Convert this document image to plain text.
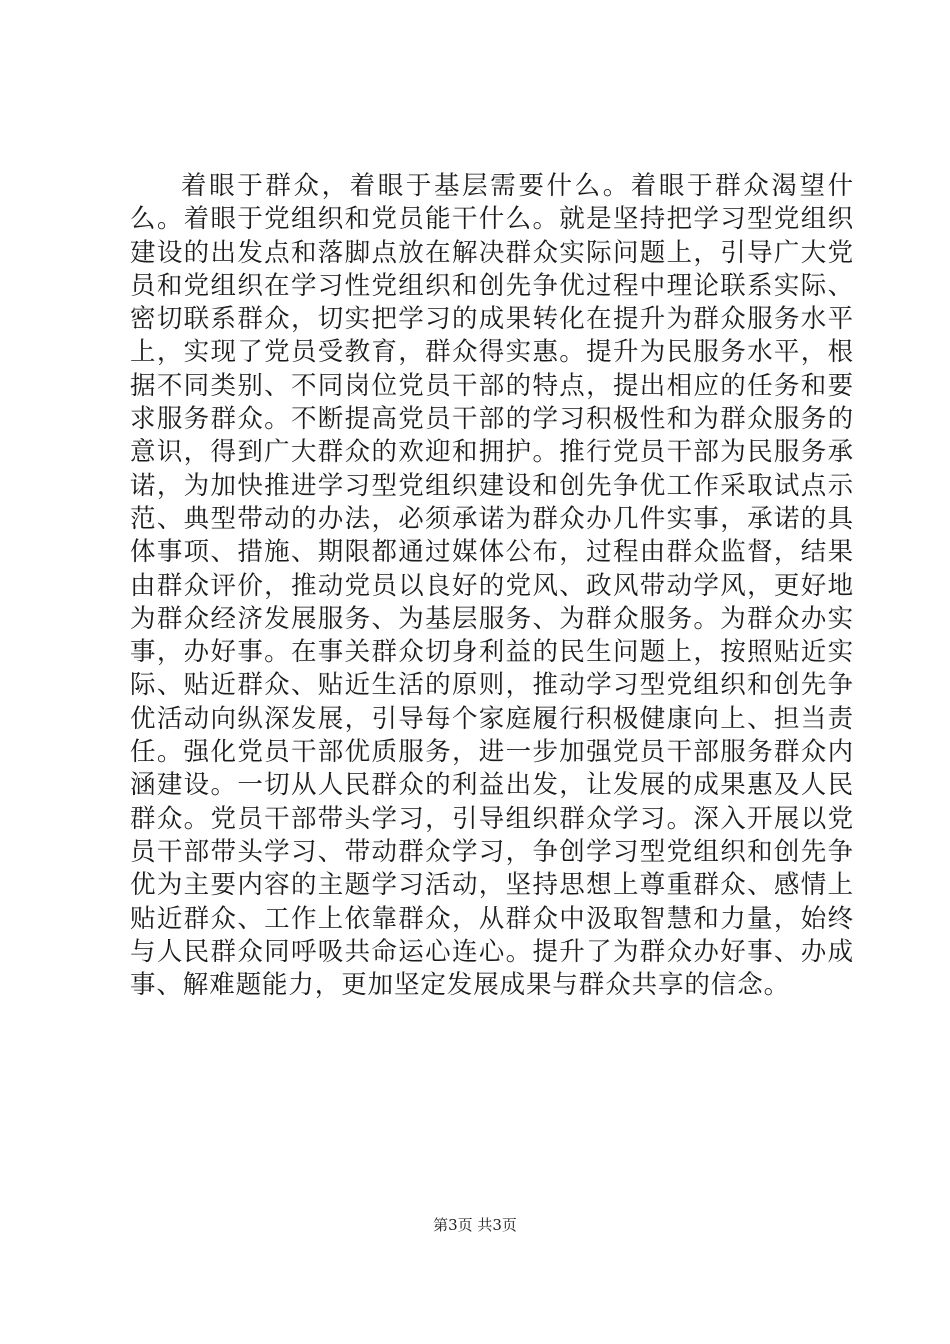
着眼于群众，着眼于基层需要什么。着眼于群众渴望什么。着眼于党组织和党员能干什么。就是坚持把学习型党组织建设的出发点和落脚点放在解决群众实际问题上，引导广大党员和党组织在学习性党组织和创先争优过程中理论联系实际、密切联系群众，切实把学习的成果转化在提升为群众服务水平上，实现了党员受教育，群众得实惠。提升为民服务水平，根据不同类别、不同岗位党员干部的特点，提出相应的任务和要求服务群众。不断提高党员干部的学习积极性和为群众服务的意识，得到广大群众的欢迎和拥护。推行党员干部为民服务承诺，为加快推进学习型党组织建设和创先争优工作采取试点示范、典型带动的办法，必须承诺为群众办几件实事，承诺的具体事项、措施、期限都通过媒体公布，过程由群众监督，结果由群众评价，推动党员以良好的党风、政风带动学风，更好地为群众经济发展服务、为基层服务、为群众服务。为群众办实事，办好事。在事关群众切身利益的民生问题上，按照贴近实际、贴近群众、贴近生活的原则，推动学习型党组织和创先争优活动向纵深发展，引导每个家庭履行积极健康向上、担当责任。强化党员干部优质服务，进一步加强党员干部服务群众内涵建设。一切从人民群众的利益出发，让发展的成果惠及人民群众。党员干部带头学习，引导组织群众学习。深入开展以党员干部带头学习、带动群众学习，争创学习型党组织和创先争优为主要内容的主题学习活动，坚持思想上尊重群众、感情上贴近群众、工作上依靠群众，从群众中汲取智慧和力量，始终与人民群众同呼吸共命运心连心。提升了为群众办好事、办成事、解难题能力，更加坚定发展成果与群众共享的信念。

第3页 共3页
